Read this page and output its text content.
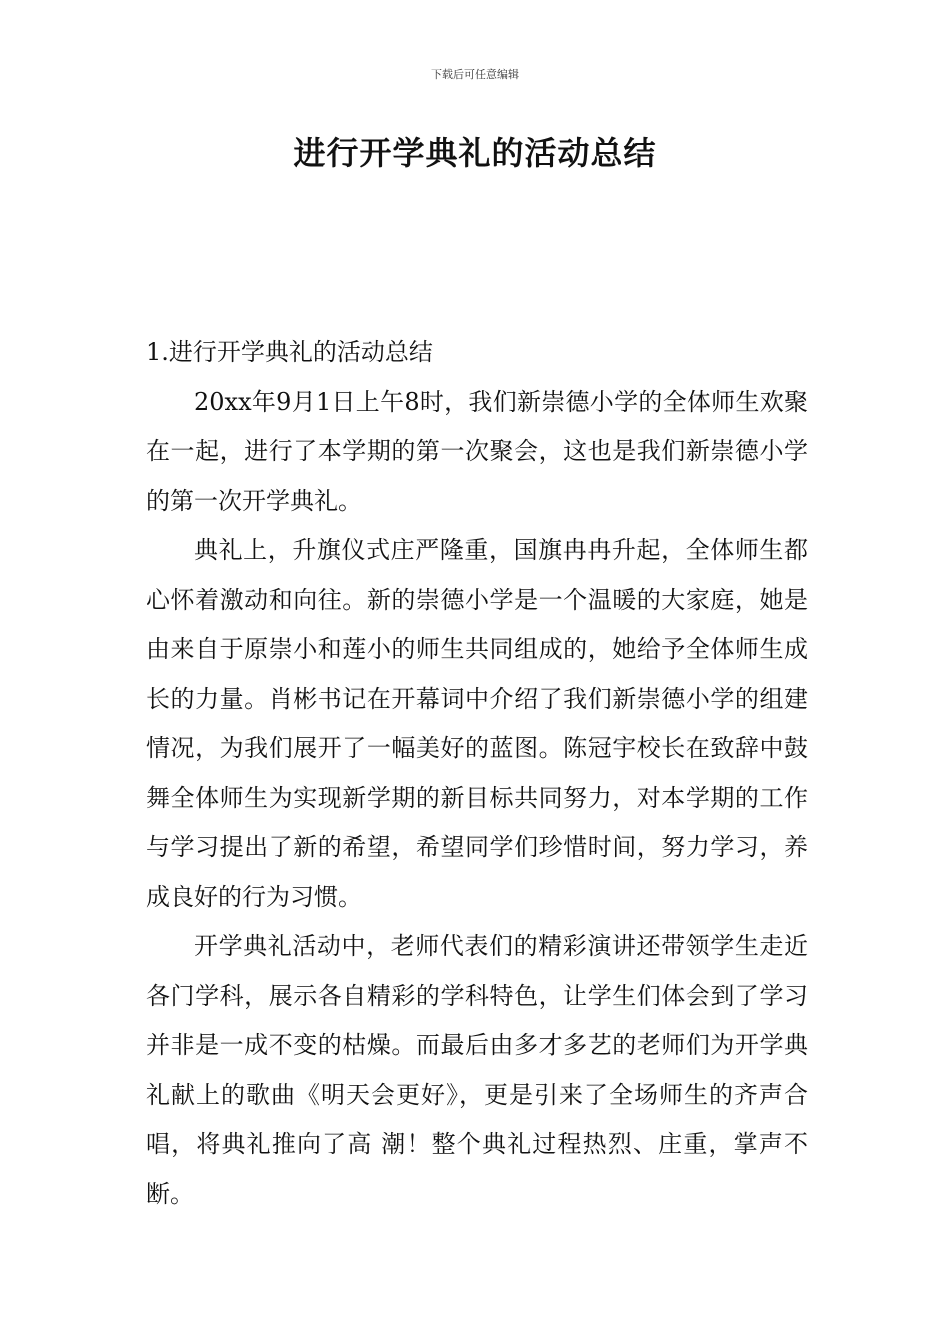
下载后可任意编辑
进行开学典礼的活动总结

1.进行开学典礼的活动总结

20xx年9月1日上午8时，我们新崇德小学的全体师生欢聚在一起，进行了本学期的第一次聚会，这也是我们新崇德小学的第一次开学典礼。

典礼上，升旗仪式庄严隆重，国旗冉冉升起，全体师生都心怀着激动和向往。新的崇德小学是一个温暖的大家庭，她是由来自于原崇小和莲小的师生共同组成的，她给予全体师生成长的力量。肖彬书记在开幕词中介绍了我们新崇德小学的组建情况，为我们展开了一幅美好的蓝图。陈冠宇校长在致辞中鼓舞全体师生为实现新学期的新目标共同努力，对本学期的工作与学习提出了新的希望，希望同学们珍惜时间，努力学习，养成良好的行为习惯。

开学典礼活动中，老师代表们的精彩演讲还带领学生走近各门学科，展示各自精彩的学科特色，让学生们体会到了学习并非是一成不变的枯燥。而最后由多才多艺的老师们为开学典礼献上的歌曲《明天会更好》，更是引来了全场师生的齐声合唱，将典礼推向了高 潮！整个典礼过程热烈、庄重，掌声不断。
